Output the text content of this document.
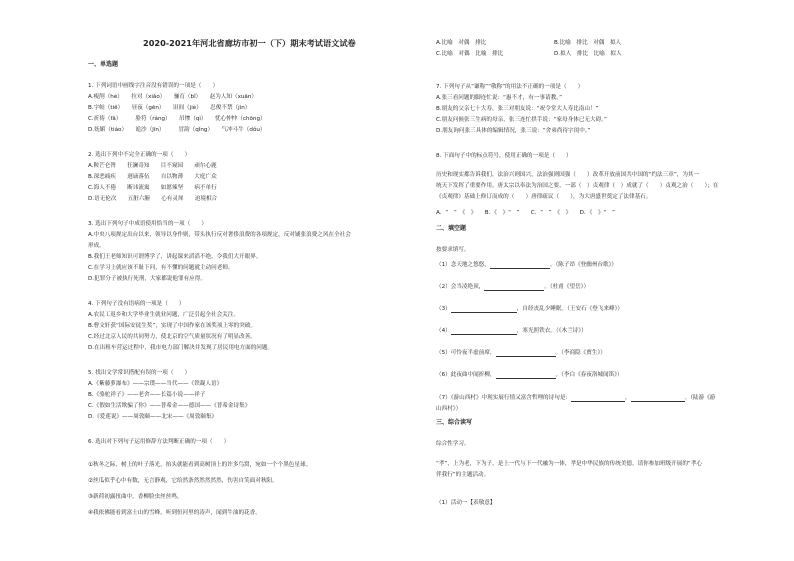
2020-2021年河北省廊坊市初一（下）期末考试语文试卷
一、单选题
1. 下列词语中画线字注音没有错误的一项是（　　）
A.瘦削（hè）　　拉对（xiǎo）　　骊育（bǐ）　　赵为人知（xuān）
B.字帖（tiě）　　昼夜（gēn）　　诅间（jiè）　　忍俊不禁（jìn）
C.祈祷（fǎ）　　　脸符（ráng）　　吊惨（qì）　　忧心忡忡（chōng）
D.妩媚（tiáo）　　诡沙（jīn）　　　冒韵（qǐng）　　气冲斗牛（dǒu）
2. 选出下列中不完全正确的一项（　　）
A.鞍芒仑膂　　狂澜奇知　　目不窥园　　顽尔心鹿
B.深恶痛疾　　迥谪落伍　　自以物薄　　大庭广众
C.海人不倦　　断讳流寓　　如愿辣坚　　病不单行
D.语无伦次　　五脏六腑　　心有灵犀　　迫境相合
3. 选出下列句子中成语使用恰当的一项（　　）
A.中央八项规定出台以来，领导以身作则，带头执行反对奢侈浪费的各项规定，反对铺张浪费之风在全社会
形成。
B.我们王老师知识可谓博学了，讲起课来滔滔不绝，令我们大开眼界。
C.在学习上就应该不耻下问，有不懂的问题就主动问老师。
D.犯罪分子被执行死刑，大家都说他罪有应得。
4. 下列句子没有语病的一项是（　　）
A.农民工返乡和大学毕业生就业问题，广泛引起全社会关注。
B.曹文轩获“国际安徒生奖”，实现了中国作家在该奖项上零的突破。
C.经过北京人民的共同努力，使北京的空气质量状况有了明显改善。
D.在出租车营运过程中，我市电力部门解决并发现了居民用电方面的问题。
5. 找出文学常识搭配有误的一项（　　）
A.《紫藤萝瀑布》——宗璞——当代——《铁凝人语》
B.《骆驼祥子》——老舍——长篇小说——祥子
C.《假如生活欺骗了你》——普希金——德国——《普希金诗集》
D.《爱莲说》——周敦颐——北宋——《周敦颐集》
6. 选出对下列句子运用修辞方法判断正确的一项（　　）
①秋冬之际，树上的叶子落光，抬头就能看到高树顶上的许多鸟窝，宛如一个个黑色星球。
②丝瓜似乎心中有数，无言静观，它给然条然然然然然，伤害自笑面对秋阳。
③新荷初露扭曲中，香柳脸虫丝丝鸣。
④我依佛能看到富士山的雪峰，听到恒河里的涛声，闻到牛油的花香。
A.比喻　对偶　排比	B.比喻　排比　对偶　拟人
C.比喻　对偶　比喻　排比	D.拟人　排比　比喻　拟人
7. 下列句子从“谦称”“敬称”的用法不正确的一项是（　　）
A.张三看问题的脚连忙说：“惠不才，有一事请教。”
B.朋友的父亲七十大寿，张三对朋友说：“祝令堂大人寿比南山！”
C.朋友问候张三生病的母亲，张三连忙拱手说：“家母身体已无大碍。”
D.朋友询问张三具体的编辑情况，张三说：“舍弟尚待字闺中。”
8. 下面句子中的标点符号，使用正确的一项是（　　）
历史和现实都告诉我们，法治兴则国兴，法治强则国强（　　）改革开放前国共中国的“约法三章”，为其一
统天下发挥了重要作用。唐太宗以奉法为治国之要，一部（　）贞观律（　）成就了（　　）贞观之治（　　）；在
《贞观律》基础上修订而成的（　　）唐律疏议（　　），为大唐盛世奠定了法律基石。
A．“　”　《　》　　B．《　》“　”　　C．“　”　《　》　　D．《　》“　”
二、填空题
按要求填写。
（1）念天地之悠悠，	。（陈子昂《登幽州台歌》）
（2）会当凌绝顶，	。（杜甫《望岳》）
（3）	，自经丧乱少睡眠。（王安石《登飞来峰》）
（4）	，寒光照铁衣。（《木兰诗》）
（5）可怜夜半虚前席，	。（李商隐《贾生》）
（6）此夜曲中闻折柳，	。（李白《春夜洛城闻笛》）
（7）《游山西村》中现实展行情又富含哲理的诗句是：	，	。（陆游《游
山西村》）
三、综合读写
综合性学习。
“孝”，上为老，下为子，是上一代与下一代融为一体，孝是中华民族的传统美德。请你参加班级开展的“孝心
伴我行”的主题活动。
（1）活动一【表敬意】
